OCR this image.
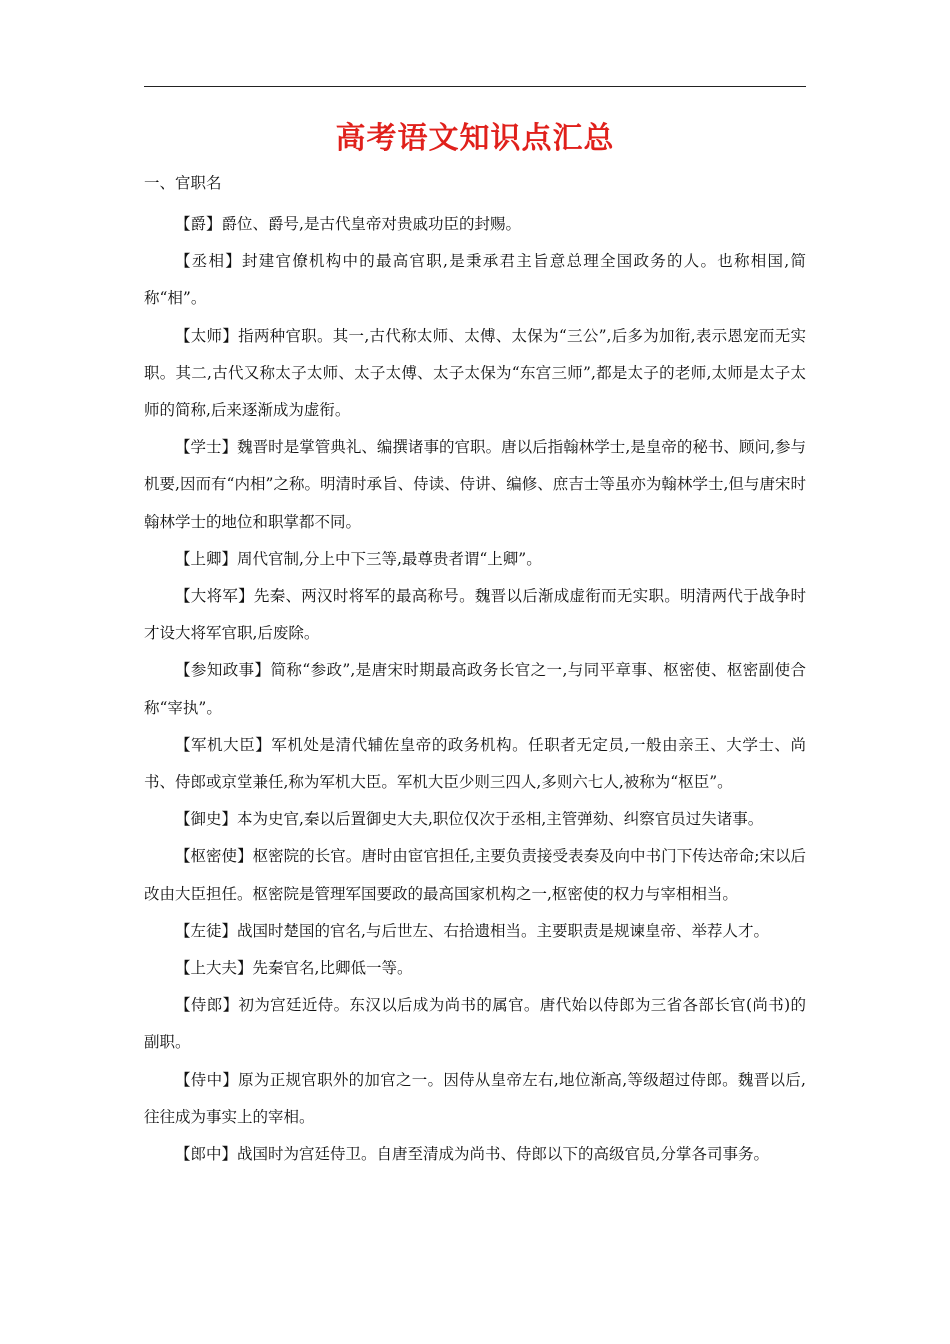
高考语文知识点汇总
一、官职名

【爵】爵位、爵号,是古代皇帝对贵戚功臣的封赐。

【丞相】封建官僚机构中的最高官职,是秉承君主旨意总理全国政务的人。也称相国,简称“相”。

【太师】指两种官职。其一,古代称太师、太傅、太保为“三公”,后多为加衔,表示恩宠而无实职。其二,古代又称太子太师、太子太傅、太子太保为“东宫三师”,都是太子的老师,太师是太子太师的简称,后来逐渐成为虚衔。

【学士】魏晋时是掌管典礼、编撰诸事的官职。唐以后指翰林学士,是皇帝的秘书、顾问,参与机要,因而有“内相”之称。明清时承旨、侍读、侍讲、编修、庶吉士等虽亦为翰林学士,但与唐宋时翰林学士的地位和职掌都不同。

【上卿】周代官制,分上中下三等,最尊贵者谓“上卿”。

【大将军】先秦、两汉时将军的最高称号。魏晋以后渐成虚衔而无实职。明清两代于战争时才设大将军官职,后废除。

【参知政事】简称“参政”,是唐宋时期最高政务长官之一,与同平章事、枢密使、枢密副使合称“宰执”。

【军机大臣】军机处是清代辅佐皇帝的政务机构。任职者无定员,一般由亲王、大学士、尚书、侍郎或京堂兼任,称为军机大臣。军机大臣少则三四人,多则六七人,被称为“枢臣”。

【御史】本为史官,秦以后置御史大夫,职位仅次于丞相,主管弹劾、纠察官员过失诸事。

【枢密使】枢密院的长官。唐时由宦官担任,主要负责接受表奏及向中书门下传达帝命;宋以后改由大臣担任。枢密院是管理军国要政的最高国家机构之一,枢密使的权力与宰相相当。

【左徒】战国时楚国的官名,与后世左、右拾遗相当。主要职责是规谏皇帝、举荐人才。

【上大夫】先秦官名,比卿低一等。

【侍郎】初为宫廷近侍。东汉以后成为尚书的属官。唐代始以侍郎为三省各部长官(尚书)的副职。

【侍中】原为正规官职外的加官之一。因侍从皇帝左右,地位渐高,等级超过侍郎。魏晋以后,往往成为事实上的宰相。

【郎中】战国时为宫廷侍卫。自唐至清成为尚书、侍郎以下的高级官员,分掌各司事务。
